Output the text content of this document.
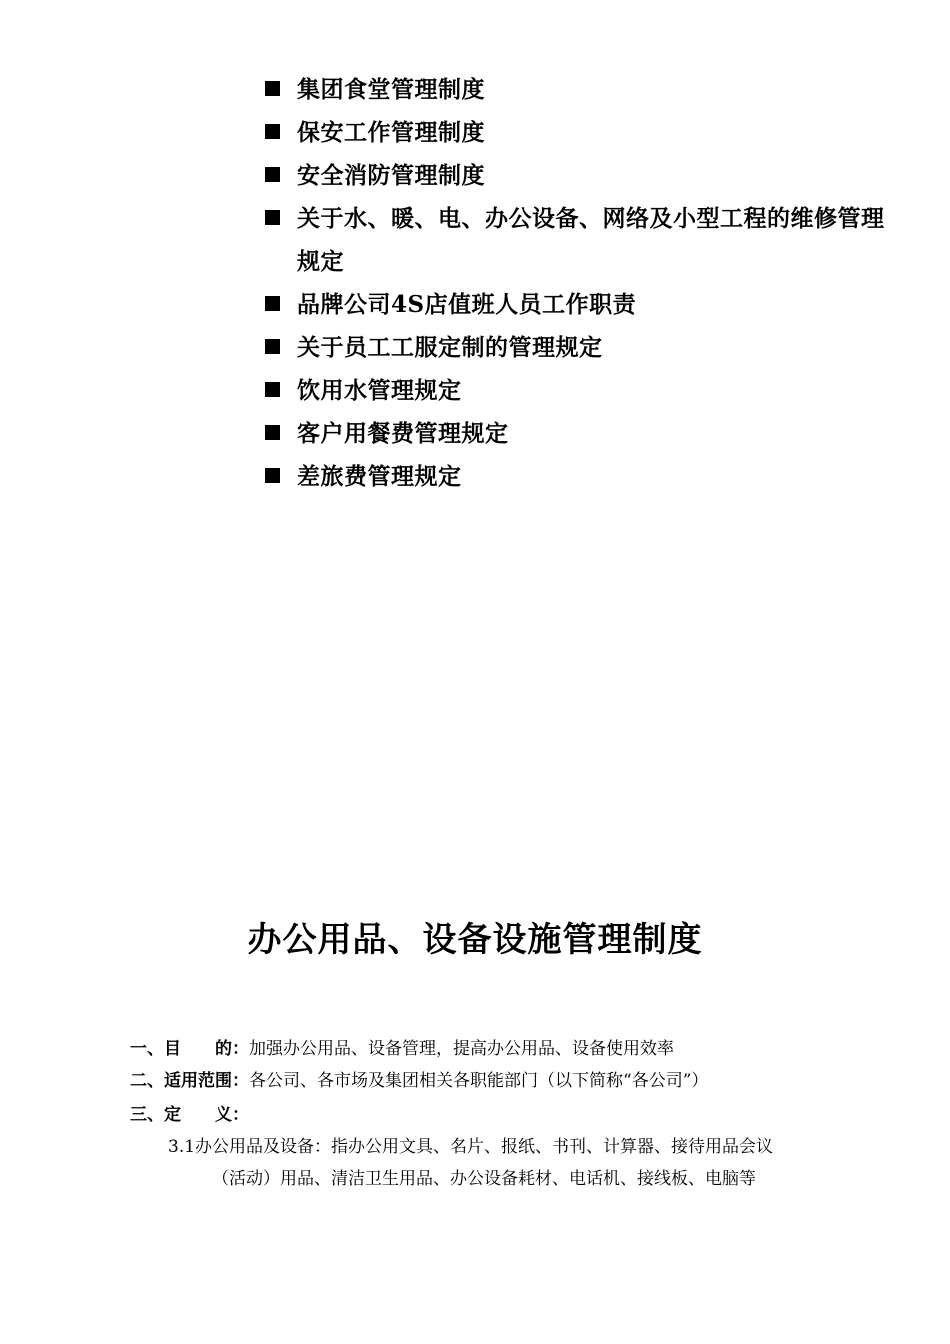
集团食堂管理制度
保安工作管理制度
安全消防管理制度
关于水、暖、电、办公设备、网络及小型工程的维修管理规定
品牌公司4S店值班人员工作职责
关于员工工服定制的管理规定
饮用水管理规定
客户用餐费管理规定
差旅费管理规定
办公用品、设备设施管理制度
一、目　　的：加强办公用品、设备管理，提高办公用品、设备使用效率
二、适用范围：各公司、各市场及集团相关各职能部门（以下简称“各公司”）
三、定　　义：
3.1办公用品及设备：指办公用文具、名片、报纸、书刊、计算器、接待用品会议
（活动）用品、清洁卫生用品、办公设备耗材、电话机、接线板、电脑等
